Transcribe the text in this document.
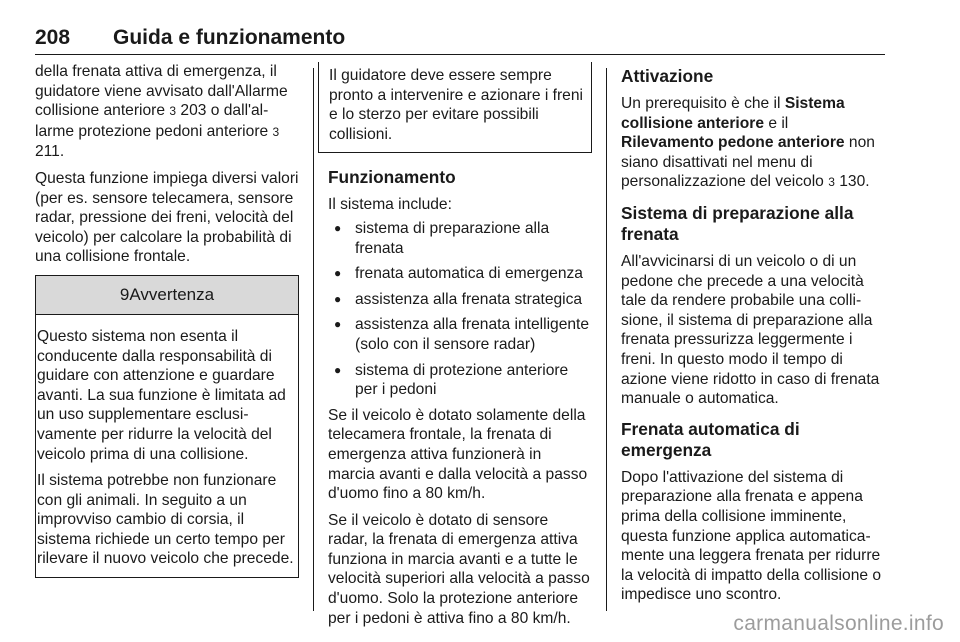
208 Guida e funzionamento

della frenata attiva di emergenza, il guidatore viene avvisato dall'Allarme collisione anteriore 3 203 o dall'allarme protezione pedoni anteriore 3 211.

Questa funzione impiega diversi valori (per es. sensore telecamera, sensore radar, pressione dei freni, velocità del veicolo) per calcolare la probabilità di una collisione frontale.

9Avvertenza

Questo sistema non esenta il conducente dalla responsabilità di guidare con attenzione e guardare avanti. La sua funzione è limitata ad un uso supplementare esclusivamente per ridurre la velocità del veicolo prima di una collisione.

Il sistema potrebbe non funzionare con gli animali. In seguito a un improvviso cambio di corsia, il sistema richiede un certo tempo per rilevare il nuovo veicolo che precede.

Il guidatore deve essere sempre pronto a intervenire e azionare i freni e lo sterzo per evitare possibili collisioni.
Funzionamento

Il sistema include:

● sistema di preparazione alla frenata
● frenata automatica di emergenza
● assistenza alla frenata strategica
● assistenza alla frenata intelligente (solo con il sensore radar)
● sistema di protezione anteriore per i pedoni

Se il veicolo è dotato solamente della telecamera frontale, la frenata di emergenza attiva funzionerà in marcia avanti e dalla velocità a passo d'uomo fino a 80 km/h.

Se il veicolo è dotato di sensore radar, la frenata di emergenza attiva funziona in marcia avanti e a tutte le velocità superiori alla velocità a passo d'uomo. Solo la protezione anteriore per i pedoni è attiva fino a 80 km/h.

Attivazione

Un prerequisito è che il Sistema collisione anteriore e il Rilevamento pedone anteriore non siano disattivati nel menu di personalizzazione del veicolo 3 130.

Sistema di preparazione alla frenata

All'avvicinarsi di un veicolo o di un pedone che precede a una velocità tale da rendere probabile una collisione, il sistema di preparazione alla frenata pressurizza leggermente i freni. In questo modo il tempo di azione viene ridotto in caso di frenata manuale o automatica.

Frenata automatica di emergenza

Dopo l'attivazione del sistema di preparazione alla frenata e appena prima della collisione imminente, questa funzione applica automaticamente una leggera frenata per ridurre la velocità di impatto della collisione o impedisce uno scontro.

carmanualsonline.info
